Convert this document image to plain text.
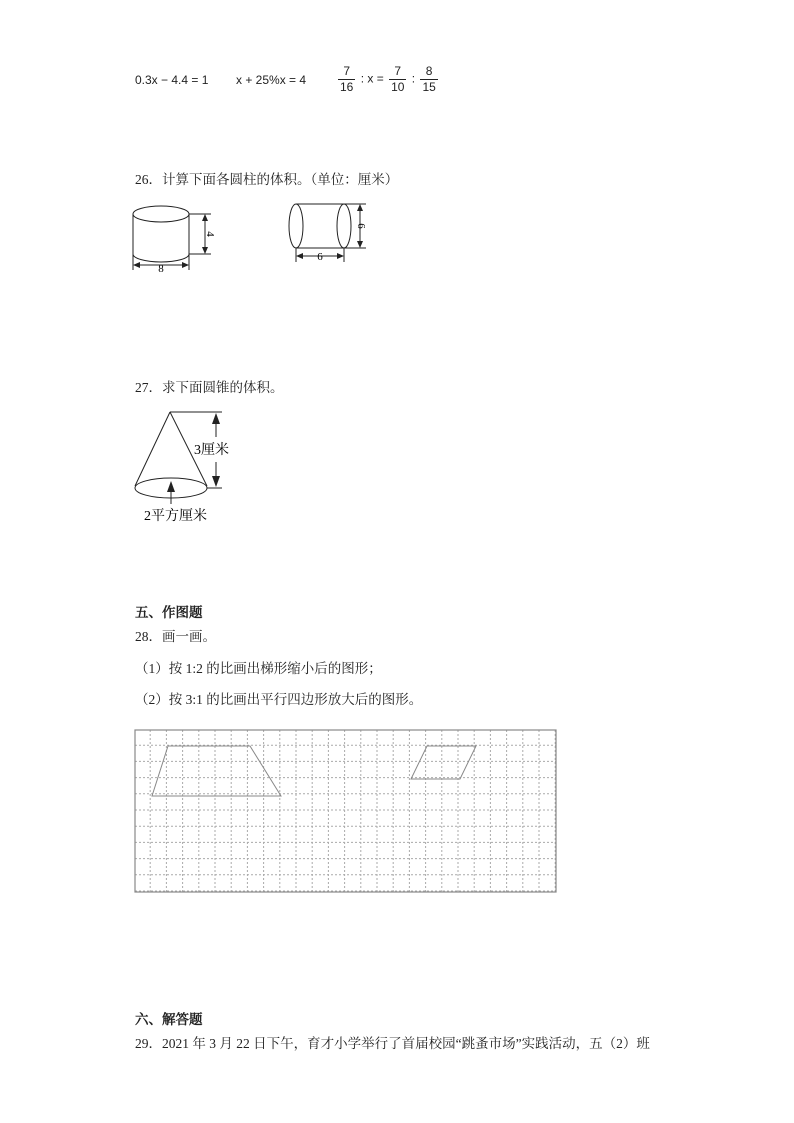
0.3x − 4.4 = 1 x + 25%x = 4	$\frac{7}{16}$ : $x = \frac{7}{10}$ : $\frac{8}{15}$
26．计算下面各圆柱的体积。（单位：厘米）
4
8
6
6
27．求下面圆锥的体积。
3厘米
2平方厘米
五、作图题
28．画一画。
（1）按 1:2 的比画出梯形缩小后的图形；
（2）按 3:1 的比画出平行四边形放大后的图形。
六、解答题
29．2021 年 3 月 22 日下午，育才小学举行了首届校园“跳蚤市场”实践活动，五（2）班
